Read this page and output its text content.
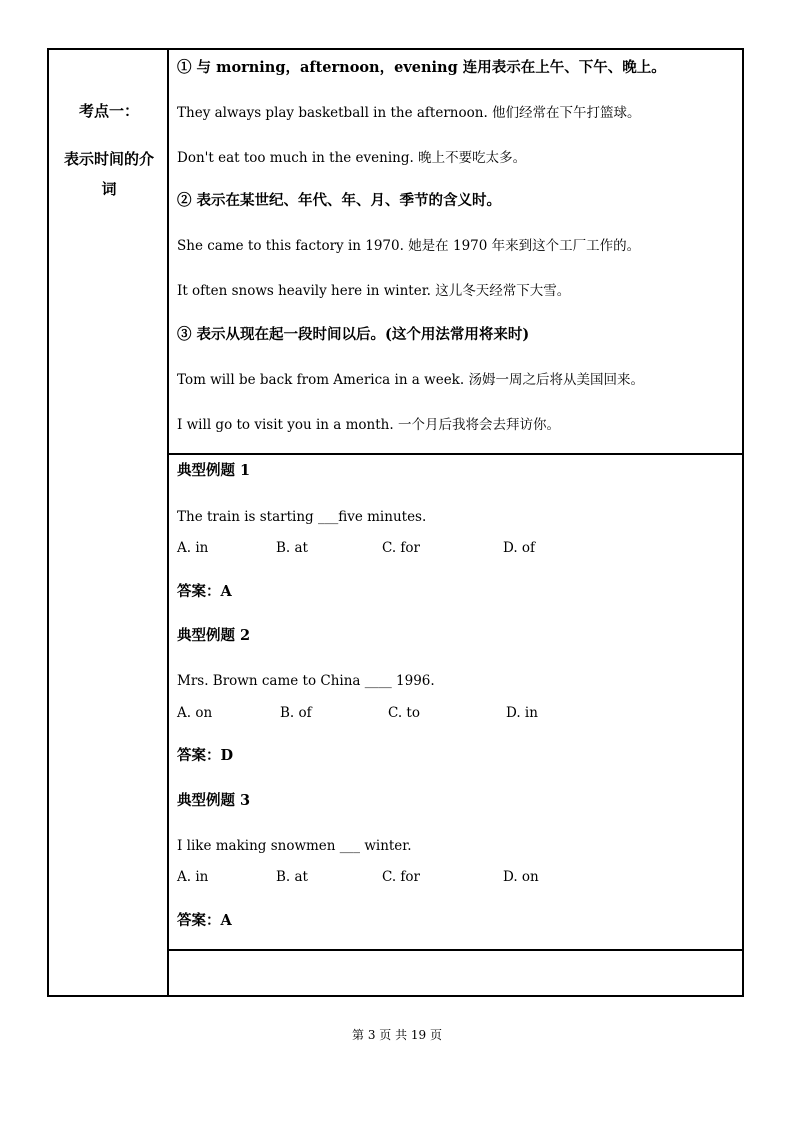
考点一：
表示时间的介
词
① 与 morning，afternoon，evening 连用表示在上午、下午、晚上。
They always play basketball in the afternoon. 他们经常在下午打篮球。
Don't eat too much in the evening. 晚上不要吃太多。
② 表示在某世纪、年代、年、月、季节的含义时。
She came to this factory in 1970. 她是在 1970 年来到这个工厂工作的。
It often snows heavily here in winter. 这儿冬天经常下大雪。
③ 表示从现在起一段时间以后。(这个用法常用将来时)
Tom will be back from America in a week. 汤姆一周之后将从美国回来。
I will go to visit you in a month. 一个月后我将会去拜访你。
典型例题 1
The train is starting ___five minutes.
A. in	B. at	C. for	D. of
答案：A
典型例题 2
Mrs. Brown came to China ____ 1996.
A. on	B. of	C. to	D. in
答案：D
典型例题 3
I like making snowmen ___ winter.
A. in	B. at	C. for	D. on
答案：A
第 3 页 共 19 页
